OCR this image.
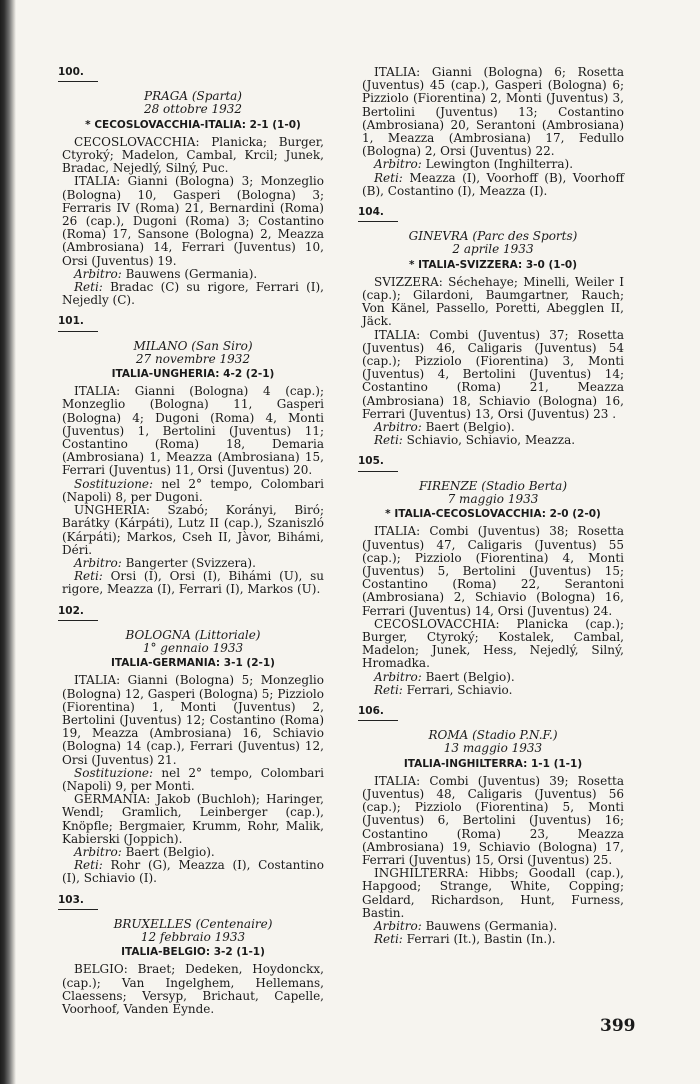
100.
PRAGA (Sparta)
28 ottobre 1932
* CECOSLOVACCHIA-ITALIA: 2-1 (1-0)
CECOSLOVACCHIA: Planicka; Burger, Ctyroký; Madelon, Cambal, Krcil; Junek, Bradac, Nejedlý, Silný, Puc.
ITALIA: Gianni (Bologna) 3; Monzeglio (Bologna) 10, Gasperi (Bologna) 3; Ferraris IV (Roma) 21, Bernardini (Roma) 26 (cap.), Dugoni (Roma) 3; Costantino (Roma) 17, Sansone (Bologna) 2, Meazza (Ambrosiana) 14, Ferrari (Juventus) 10, Orsi (Juventus) 19.
Arbitro: Bauwens (Germania).
Reti: Bradac (C) su rigore, Ferrari (I), Nejedly (C).
101.
MILANO (San Siro)
27 novembre 1932
ITALIA-UNGHERIA: 4-2 (2-1)
ITALIA: Gianni (Bologna) 4 (cap.); Monzeglio (Bologna) 11, Gasperi (Bologna) 4; Dugoni (Roma) 4, Monti (Juventus) 1, Bertolini (Juventus) 11; Costantino (Roma) 18, Demaria (Ambrosiana) 1, Meazza (Ambrosiana) 15, Ferrari (Juventus) 11, Orsi (Juventus) 20.
Sostituzione: nel 2° tempo, Colombari (Napoli) 8, per Dugoni.
UNGHERIA: Szabó; Korányi, Biró; Barátky (Kárpáti), Lutz II (cap.), Szaniszló (Kárpáti); Markos, Cseh II, Jàvor, Bihámi, Déri.
Arbitro: Bangerter (Svizzera).
Reti: Orsi (I), Orsi (I), Bihámi (U), su rigore, Meazza (I), Ferrari (I), Markos (U).
102.
BOLOGNA (Littoriale)
1° gennaio 1933
ITALIA-GERMANIA: 3-1 (2-1)
ITALIA: Gianni (Bologna) 5; Monzeglio (Bologna) 12, Gasperi (Bologna) 5; Pizziolo (Fiorentina) 1, Monti (Juventus) 2, Bertolini (Juventus) 12; Costantino (Roma) 19, Meazza (Ambrosiana) 16, Schiavio (Bologna) 14 (cap.), Ferrari (Juventus) 12, Orsi (Juventus) 21.
Sostituzione: nel 2° tempo, Colombari (Napoli) 9, per Monti.
GERMANIA: Jakob (Buchloh); Haringer, Wendl; Gramlich, Leinberger (cap.), Knöpfle; Bergmaier, Krumm, Rohr, Malik, Kabierski (Joppich).
Arbitro: Baert (Belgio).
Reti: Rohr (G), Meazza (I), Costantino (I), Schiavio (I).
103.
BRUXELLES (Centenaire)
12 febbraio 1933
ITALIA-BELGIO: 3-2 (1-1)
BELGIO: Braet; Dedeken, Hoydonckx, (cap.); Van Ingelghem, Hellemans, Claessens; Versyp, Brichaut, Capelle, Voorhoof, Vanden Eynde.
ITALIA: Gianni (Bologna) 6; Rosetta (Juventus) 45 (cap.), Gasperi (Bologna) 6; Pizziolo (Fiorentina) 2, Monti (Juventus) 3, Bertolini (Juventus) 13; Costantino (Ambrosiana) 20, Serantoni (Ambrosiana) 1, Meazza (Ambrosiana) 17, Fedullo (Bologna) 2, Orsi (Juventus) 22.
Arbitro: Lewington (Inghilterra).
Reti: Meazza (I), Voorhoff (B), Voorhoff (B), Costantino (I), Meazza (I).
104.
GINEVRA (Parc des Sports)
2 aprile 1933
* ITALIA-SVIZZERA: 3-0 (1-0)
SVIZZERA: Séchehaye; Minelli, Weiler I (cap.); Gilardoni, Baumgartner, Rauch; Von Känel, Passello, Poretti, Abegglen II, Jäck.
ITALIA: Combi (Juventus) 37; Rosetta (Juventus) 46, Caligaris (Juventus) 54 (cap.); Pizziolo (Fiorentina) 3, Monti (Juventus) 4, Bertolini (Juventus) 14; Costantino (Roma) 21, Meazza (Ambrosiana) 18, Schiavio (Bologna) 16, Ferrari (Juventus) 13, Orsi (Juventus) 23 .
Arbitro: Baert (Belgio).
Reti: Schiavio, Schiavio, Meazza.
105.
FIRENZE (Stadio Berta)
7 maggio 1933
* ITALIA-CECOSLOVACCHIA: 2-0 (2-0)
ITALIA: Combi (Juventus) 38; Rosetta (Juventus) 47, Caligaris (Juventus) 55 (cap.); Pizziolo (Fiorentina) 4, Monti (Juventus) 5, Bertolini (Juventus) 15; Costantino (Roma) 22, Serantoni (Ambrosiana) 2, Schiavio (Bologna) 16, Ferrari (Juventus) 14, Orsi (Juventus) 24.
CECOSLOVACCHIA: Planicka (cap.); Burger, Ctyroký; Kostalek, Cambal, Madelon; Junek, Hess, Nejedlý, Silný, Hromadka.
Arbitro: Baert (Belgio).
Reti: Ferrari, Schiavio.
106.
ROMA (Stadio P.N.F.)
13 maggio 1933
ITALIA-INGHILTERRA: 1-1 (1-1)
ITALIA: Combi (Juventus) 39; Rosetta (Juventus) 48, Caligaris (Juventus) 56 (cap.); Pizziolo (Fiorentina) 5, Monti (Juventus) 6, Bertolini (Juventus) 16; Costantino (Roma) 23, Meazza (Ambrosiana) 19, Schiavio (Bologna) 17, Ferrari (Juventus) 15, Orsi (Juventus) 25.
INGHILTERRA: Hibbs; Goodall (cap.), Hapgood; Strange, White, Copping; Geldard, Richardson, Hunt, Furness, Bastin.
Arbitro: Bauwens (Germania).
Reti: Ferrari (It.), Bastin (In.).
399
